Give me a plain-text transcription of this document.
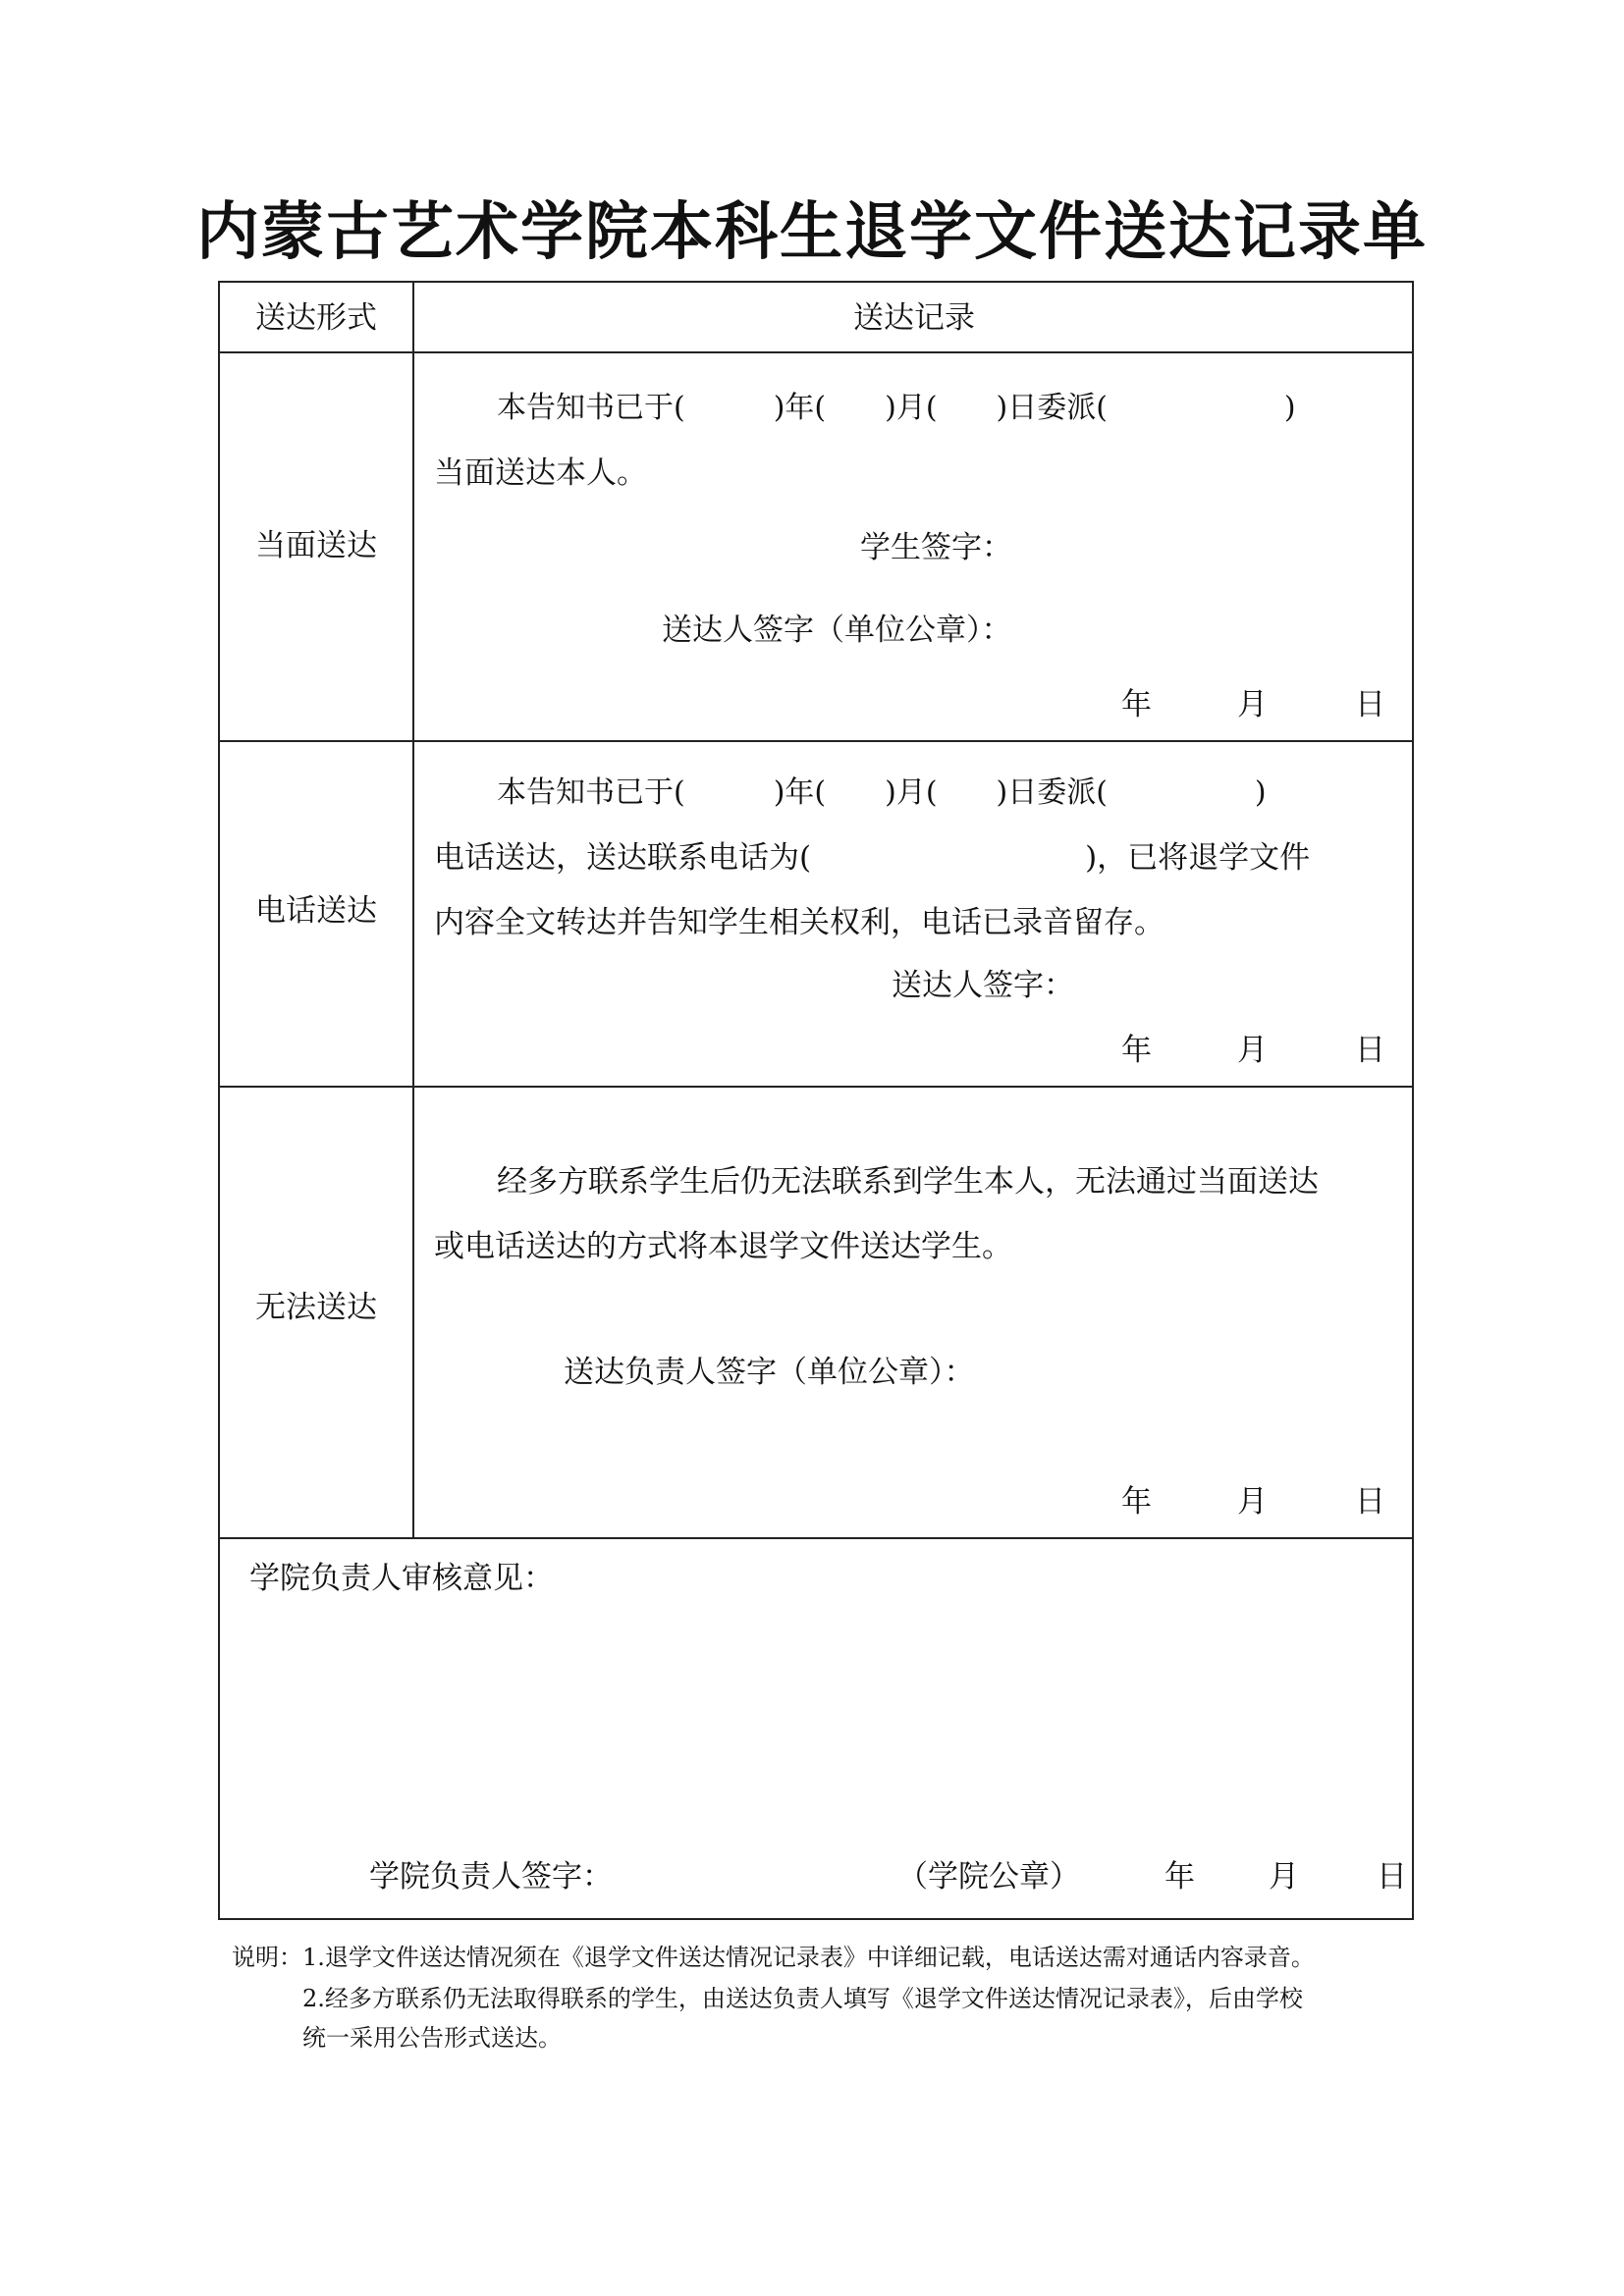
内蒙古艺术学院本科生退学文件送达记录单
送达形式	送达记录
当面送达
本告知书已于(　　　)年(　　)月(　　)日委派(　　　　　　)
当面送达本人。
学生签字：
送达人签字（单位公章）：
年	月	日
电话送达
本告知书已于(　　　)年(　　)月(　　)日委派(　　　　　)
电话送达，送达联系电话为(　　　　　　　　　)，已将退学文件
内容全文转达并告知学生相关权利，电话已录音留存。
送达人签字：
年	月	日
无法送达
经多方联系学生后仍无法联系到学生本人，无法通过当面送达
或电话送达的方式将本退学文件送达学生。
送达负责人签字（单位公章）：
年	月	日
学院负责人审核意见：
学院负责人签字：	（学院公章）	年 月	日
说明： 1.退学文件送达情况须在《退学文件送达情况记录表》中详细记载，电话送达需对通话内容录音。
2.经多方联系仍无法取得联系的学生，由送达负责人填写《退学文件送达情况记录表》，后由学校
统一采用公告形式送达。
